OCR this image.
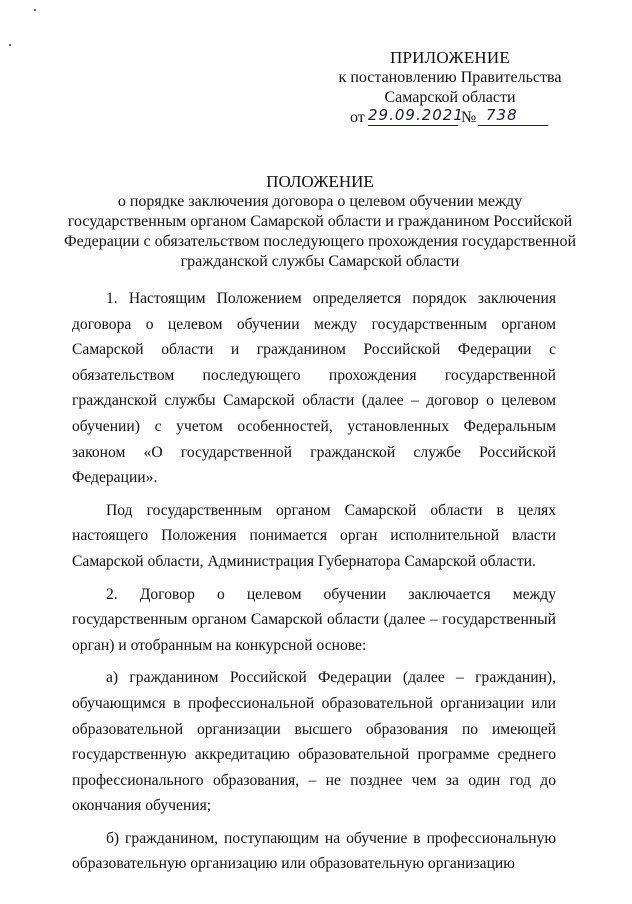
ПРИЛОЖЕНИЕ
к постановлению Правительства
Самарской области
от 29.09.2021
№ 738
ПОЛОЖЕНИЕ
о порядке заключения договора о целевом обучении между
государственным органом Самарской области и гражданином Российской
Федерации с обязательством последующего прохождения государственной
гражданской службы Самарской области

1. Настоящим Положением определяется порядок заключения договора о целевом обучении между государственным органом Самарской области и гражданином Российской Федерации с обязательством последующего прохождения государственной гражданской службы Самарской области (далее – договор о целевом обучении) с учетом особенностей, установленных Федеральным законом «О государственной гражданской службе Российской Федерации».

Под государственным органом Самарской области в целях настоящего Положения понимается орган исполнительной власти Самарской области, Администрация Губернатора Самарской области.

2. Договор о целевом обучении заключается между государственным органом Самарской области (далее – государственный орган) и отобранным на конкурсной основе:

а) гражданином Российской Федерации (далее – гражданин), обучающимся в профессиональной образовательной организации или образовательной организации высшего образования по имеющей государственную аккредитацию образовательной программе среднего профессионального образования, – не позднее чем за один год до окончания обучения;

б) гражданином, поступающим на обучение в профессиональную образовательную организацию или образовательную организацию
